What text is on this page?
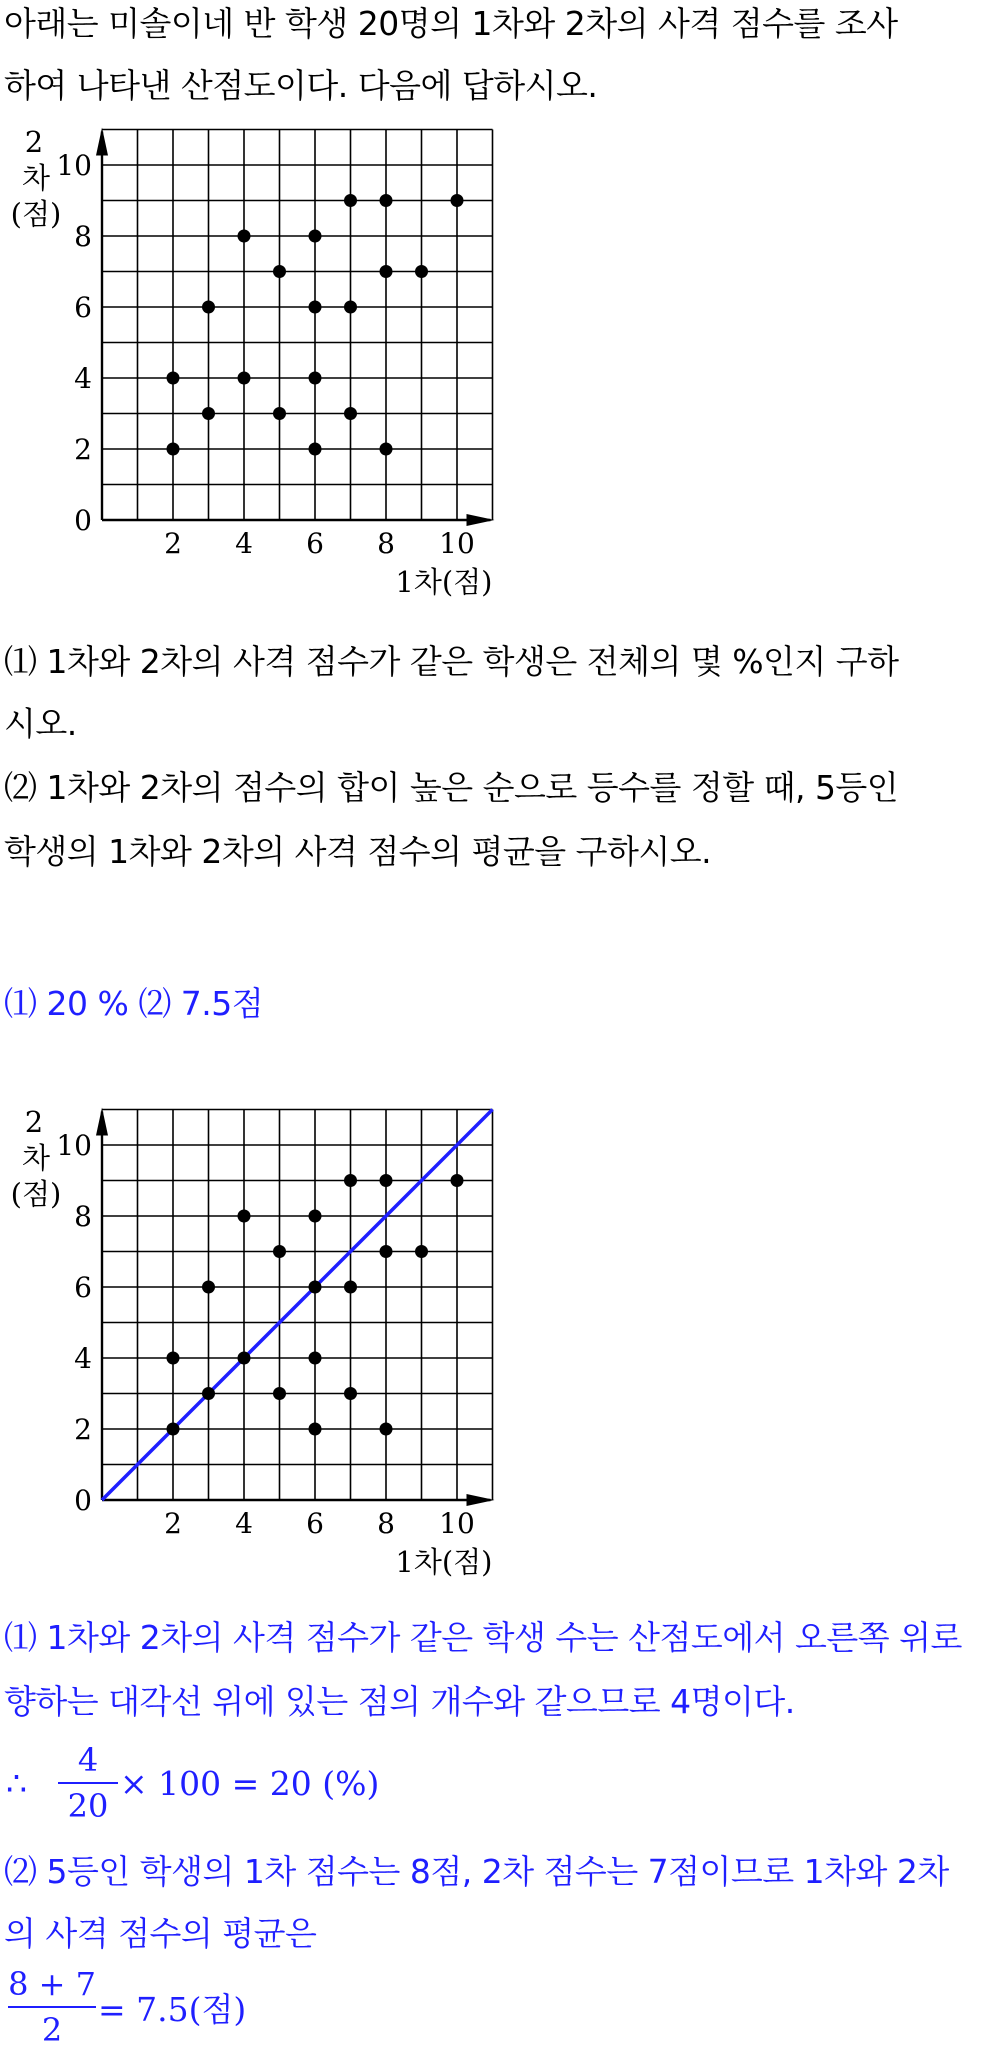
아래는 미솔이네 반 학생 20명의 1차와 2차의 사격 점수를 조사
하여 나타낸 산점도이다. 다음에 답하시오.
2 4 6 8 10
2
4
6
8
10
0
1차(점)
2
차
(점)
⑴ 1차와 2차의 사격 점수가 같은 학생은 전체의 몇 %인지 구하
시오.
⑵ 1차와 2차의 점수의 합이 높은 순으로 등수를 정할 때, 5등인
학생의 1차와 2차의 사격 점수의 평균을 구하시오.
⑴ 20 % ⑵ 7.5점
2 4 6 8 10
2
4
6
8
10
0
1차(점)
2
차
(점)
⑴ 1차와 2차의 사격 점수가 같은 학생 수는 산점도에서 오른쪽 위로
향하는 대각선 위에 있는 점의 개수와 같으므로 4명이다.
∴
4
20
× 100 = 20 (%)
⑵ 5등인 학생의 1차 점수는 8점, 2차 점수는 7점이므로 1차와 2차
의 사격 점수의 평균은
8 + 7
2
= 7.5(점)
